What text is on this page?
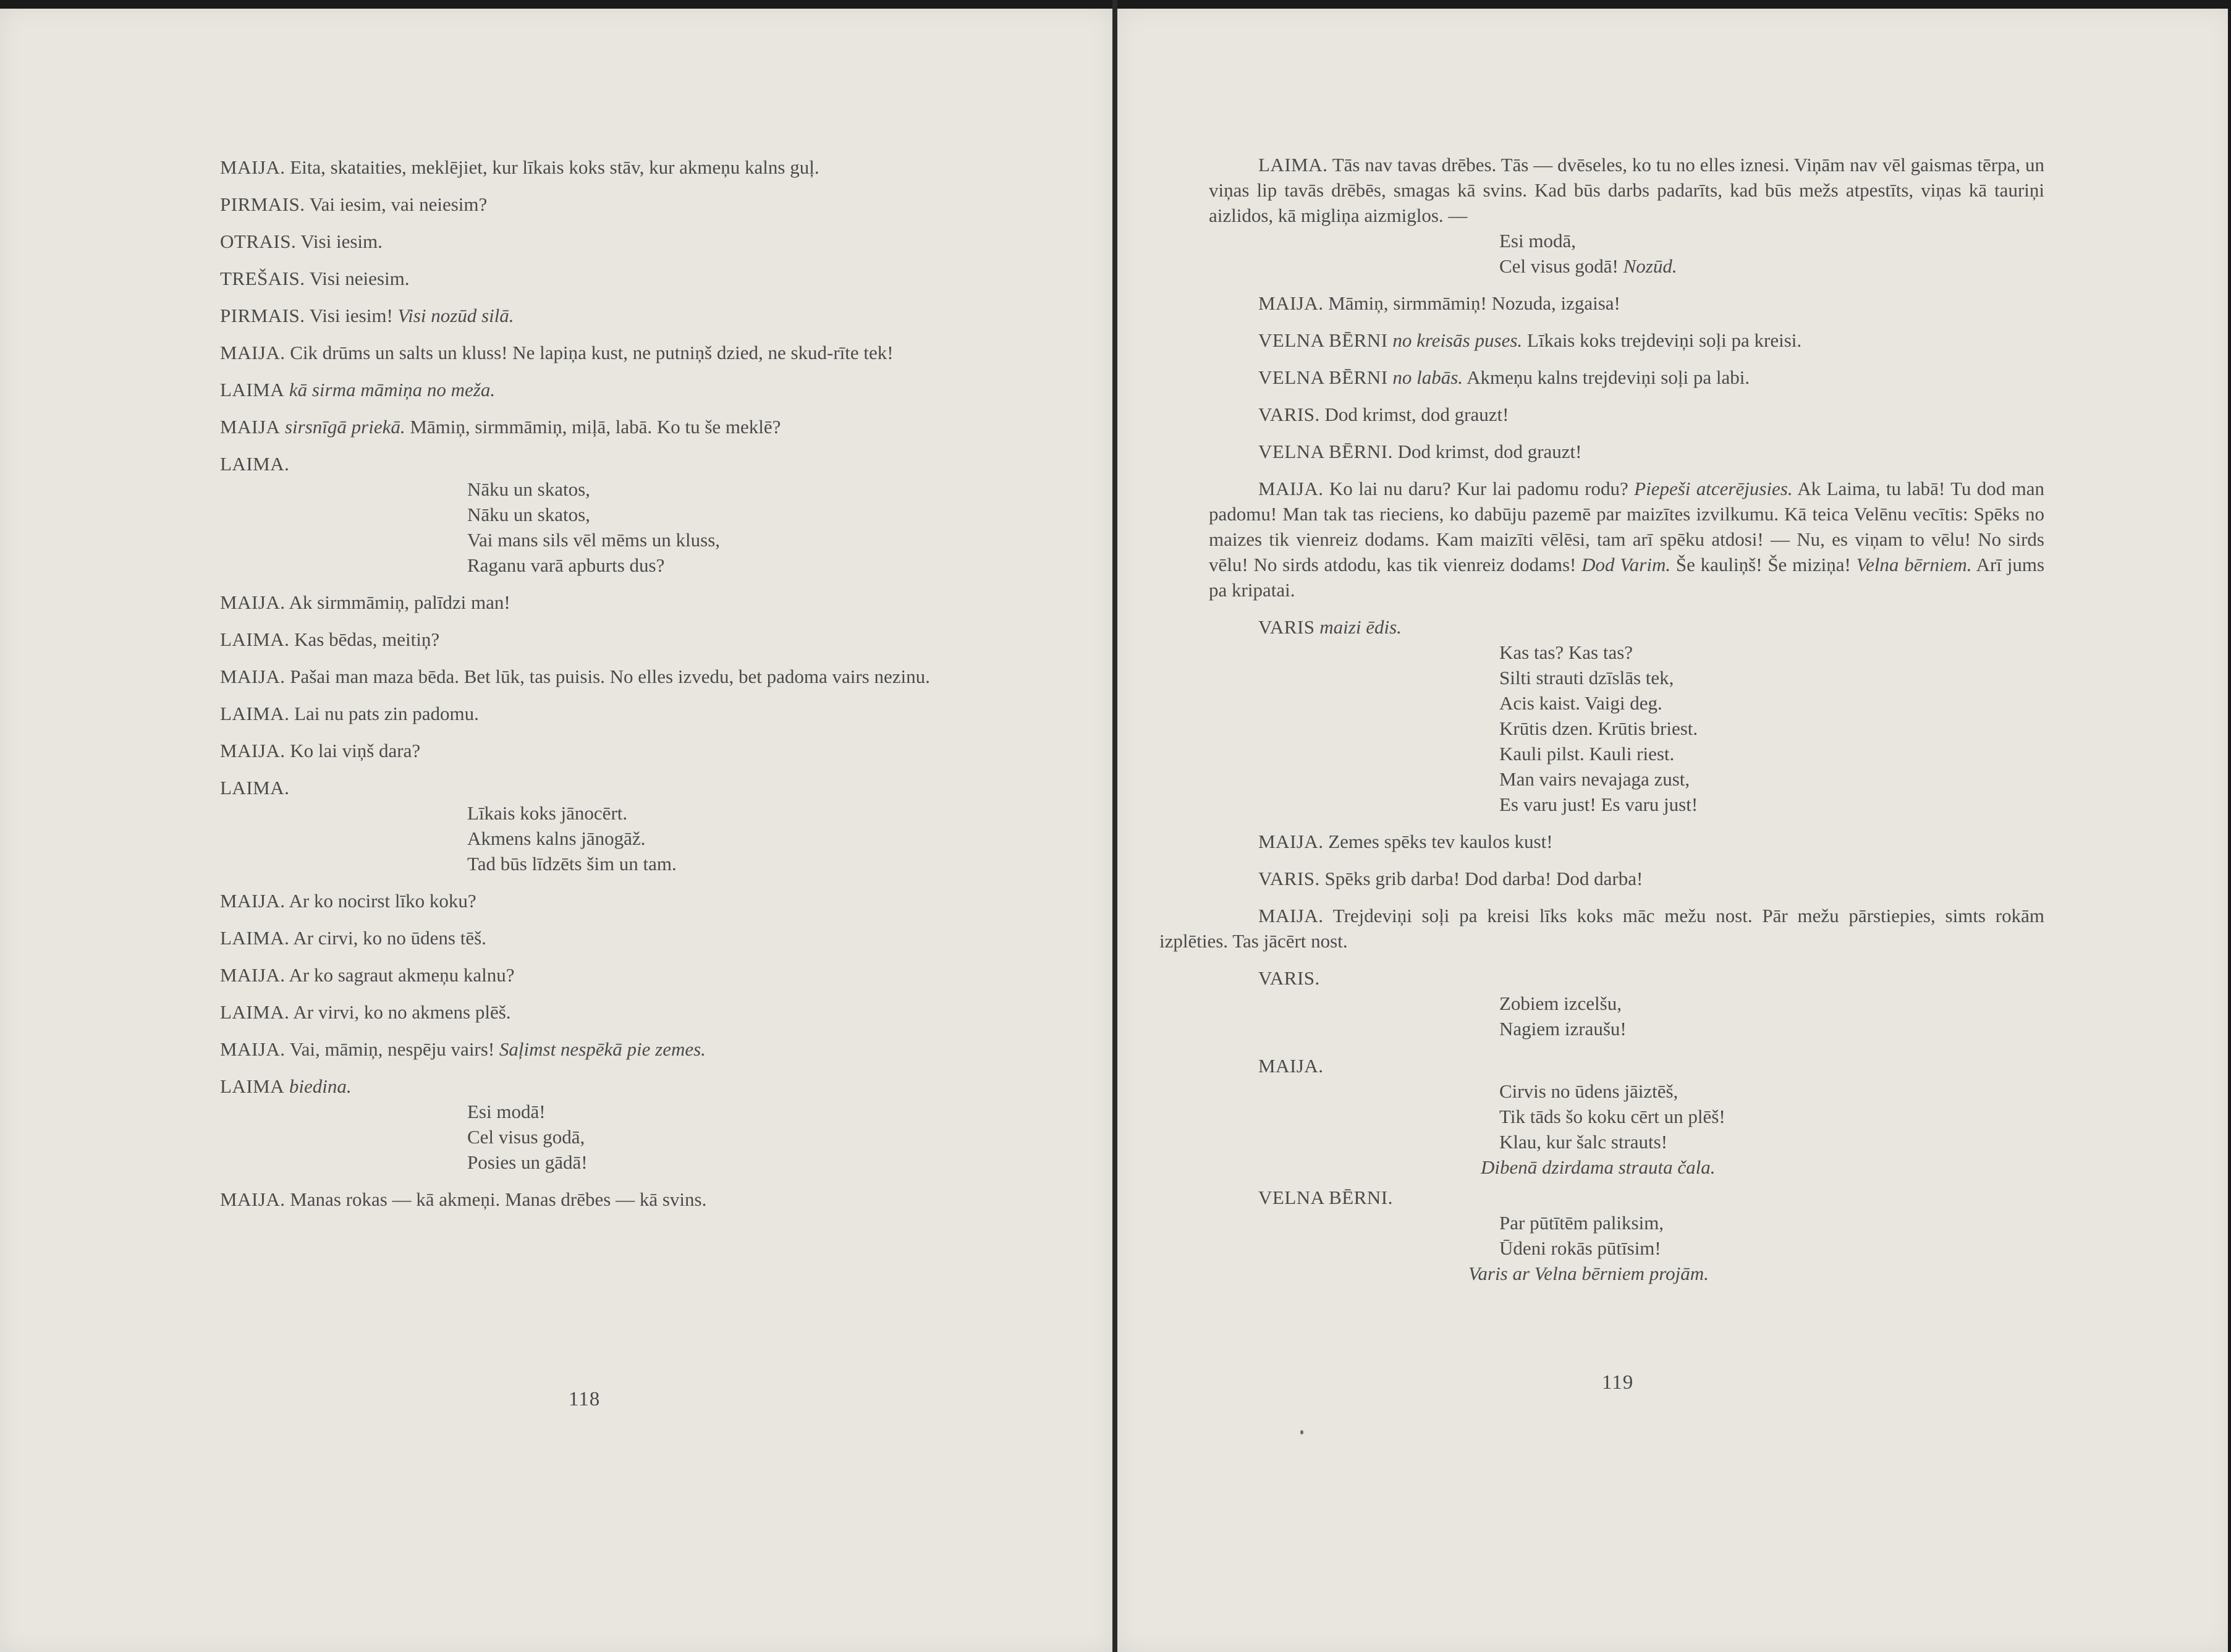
MAIJA. Eita, skataities, meklējiet, kur līkais koks stāv, kur akmeņu kalns guļ.

PIRMAIS. Vai iesim, vai neiesim?

OTRAIS. Visi iesim.

TREŠAIS. Visi neiesim.

PIRMAIS. Visi iesim! Visi nozūd silā.

MAIJA. Cik drūms un salts un kluss! Ne lapiņa kust, ne putniņš dzied, ne skud-rīte tek!

LAIMA kā sirma māmiņa no meža.

MAIJA sirsnīgā priekā. Māmiņ, sirmmāmiņ, miļā, labā. Ko tu še meklē?

LAIMA.

Nāku un skatos,
Nāku un skatos,
Vai mans sils vēl mēms un kluss,
Raganu varā apburts dus?

MAIJA. Ak sirmmāmiņ, palīdzi man!

LAIMA. Kas bēdas, meitiņ?

MAIJA. Pašai man maza bēda. Bet lūk, tas puisis. No elles izvedu, bet padoma vairs nezinu.

LAIMA. Lai nu pats zin padomu.

MAIJA. Ko lai viņš dara?

LAIMA.

Līkais koks jānocērt.
Akmens kalns jānogāž.
Tad būs līdzēts šim un tam.

MAIJA. Ar ko nocirst līko koku?

LAIMA. Ar cirvi, ko no ūdens tēš.

MAIJA. Ar ko sagraut akmeņu kalnu?

LAIMA. Ar virvi, ko no akmens plēš.

MAIJA. Vai, māmiņ, nespēju vairs! Saļimst nespēkā pie zemes.

LAIMA biedina.

Esi modā!
Cel visus godā,
Posies un gādā!

MAIJA. Manas rokas — kā akmeņi. Manas drēbes — kā svins.

118

LAIMA. Tās nav tavas drēbes. Tās — dvēseles, ko tu no elles iznesi. Viņām nav vēl gaismas tērpa, un viņas lip tavās drēbēs, smagas kā svins. Kad būs darbs padarīts, kad būs mežs atpestīts, viņas kā tauriņi aizlidos, kā migliņa aizmiglos. —

Esi modā,
Cel visus godā! Nozūd.

MAIJA. Māmiņ, sirmmāmiņ! Nozuda, izgaisa!

VELNA BĒRNI no kreisās puses. Līkais koks trejdeviņi soļi pa kreisi.

VELNA BĒRNI no labās. Akmeņu kalns trejdeviņi soļi pa labi.

VARIS. Dod krimst, dod grauzt!

VELNA BĒRNI. Dod krimst, dod grauzt!

MAIJA. Ko lai nu daru? Kur lai padomu rodu? Piepeši atcerējusies. Ak Laima, tu labā! Tu dod man padomu! Man tak tas rieciens, ko dabūju pazemē par maizītes izvilkumu. Kā teica Velēnu vecītis: Spēks no maizes tik vienreiz dodams. Kam maizīti vēlēsi, tam arī spēku atdosi! — Nu, es viņam to vēlu! No sirds vēlu! No sirds atdodu, kas tik vienreiz dodams! Dod Varim. Še kauliņš! Še miziņa! Velna bērniem. Arī jums pa kripatai.

VARIS maizi ēdis.

Kas tas? Kas tas?
Silti strauti dzīslās tek,
Acis kaist. Vaigi deg.
Krūtis dzen. Krūtis briest.
Kauli pilst. Kauli riest.
Man vairs nevajaga zust,
Es varu just! Es varu just!

MAIJA. Zemes spēks tev kaulos kust!

VARIS. Spēks grib darba! Dod darba! Dod darba!

MAIJA. Trejdeviņi soļi pa kreisi līks koks māc mežu nost. Pār mežu pārstiepies, simts rokām izplēties. Tas jācērt nost.

VARIS.

Zobiem izcelšu,
Nagiem izraušu!

MAIJA.

Cirvis no ūdens jāiztēš,
Tik tāds šo koku cērt un plēš!
Klau, kur šalc strauts!

Dibenā dzirdama strauta čala.

VELNA BĒRNI.

Par pūtītēm paliksim,
Ūdeni rokās pūtīsim!

Varis ar Velna bērniem projām.

119
